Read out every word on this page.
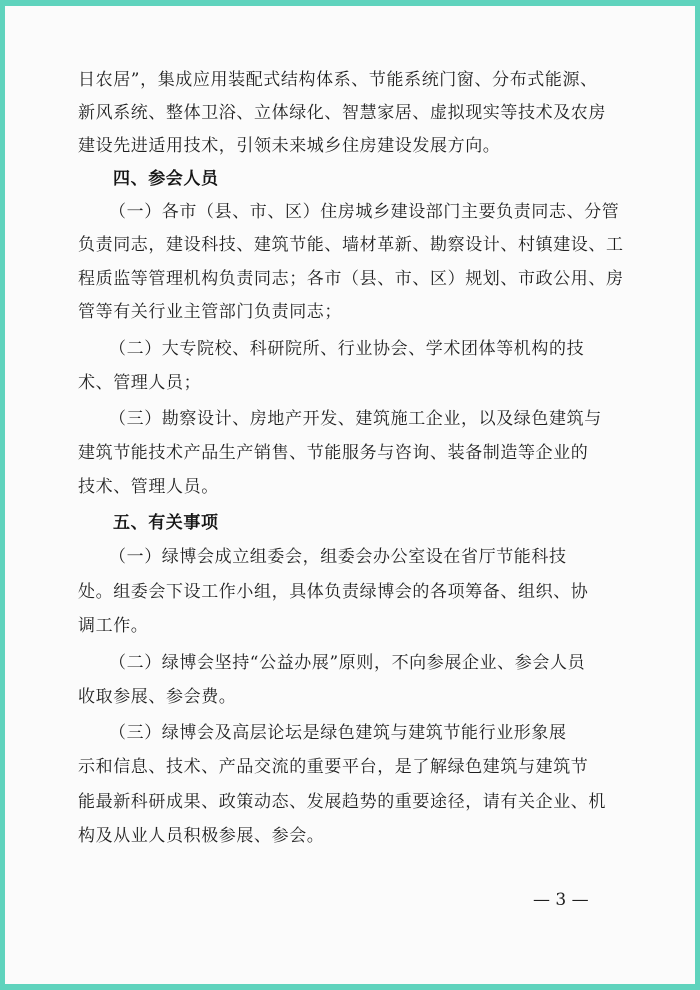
日农居”，集成应用装配式结构体系、节能系统门窗、分布式能源、
新风系统、整体卫浴、立体绿化、智慧家居、虚拟现实等技术及农房
建设先进适用技术，引领未来城乡住房建设发展方向。
四、参会人员
（一）各市（县、市、区）住房城乡建设部门主要负责同志、分管
负责同志，建设科技、建筑节能、墙材革新、勘察设计、村镇建设、工
程质监等管理机构负责同志；各市（县、市、区）规划、市政公用、房
管等有关行业主管部门负责同志；
（二）大专院校、科研院所、行业协会、学术团体等机构的技
术、管理人员；
（三）勘察设计、房地产开发、建筑施工企业，以及绿色建筑与
建筑节能技术产品生产销售、节能服务与咨询、装备制造等企业的
技术、管理人员。
五、有关事项
（一）绿博会成立组委会，组委会办公室设在省厅节能科技
处。组委会下设工作小组，具体负责绿博会的各项筹备、组织、协
调工作。
（二）绿博会坚持“公益办展”原则，不向参展企业、参会人员
收取参展、参会费。
（三）绿博会及高层论坛是绿色建筑与建筑节能行业形象展
示和信息、技术、产品交流的重要平台，是了解绿色建筑与建筑节
能最新科研成果、政策动态、发展趋势的重要途径，请有关企业、机
构及从业人员积极参展、参会。
— 3 —
